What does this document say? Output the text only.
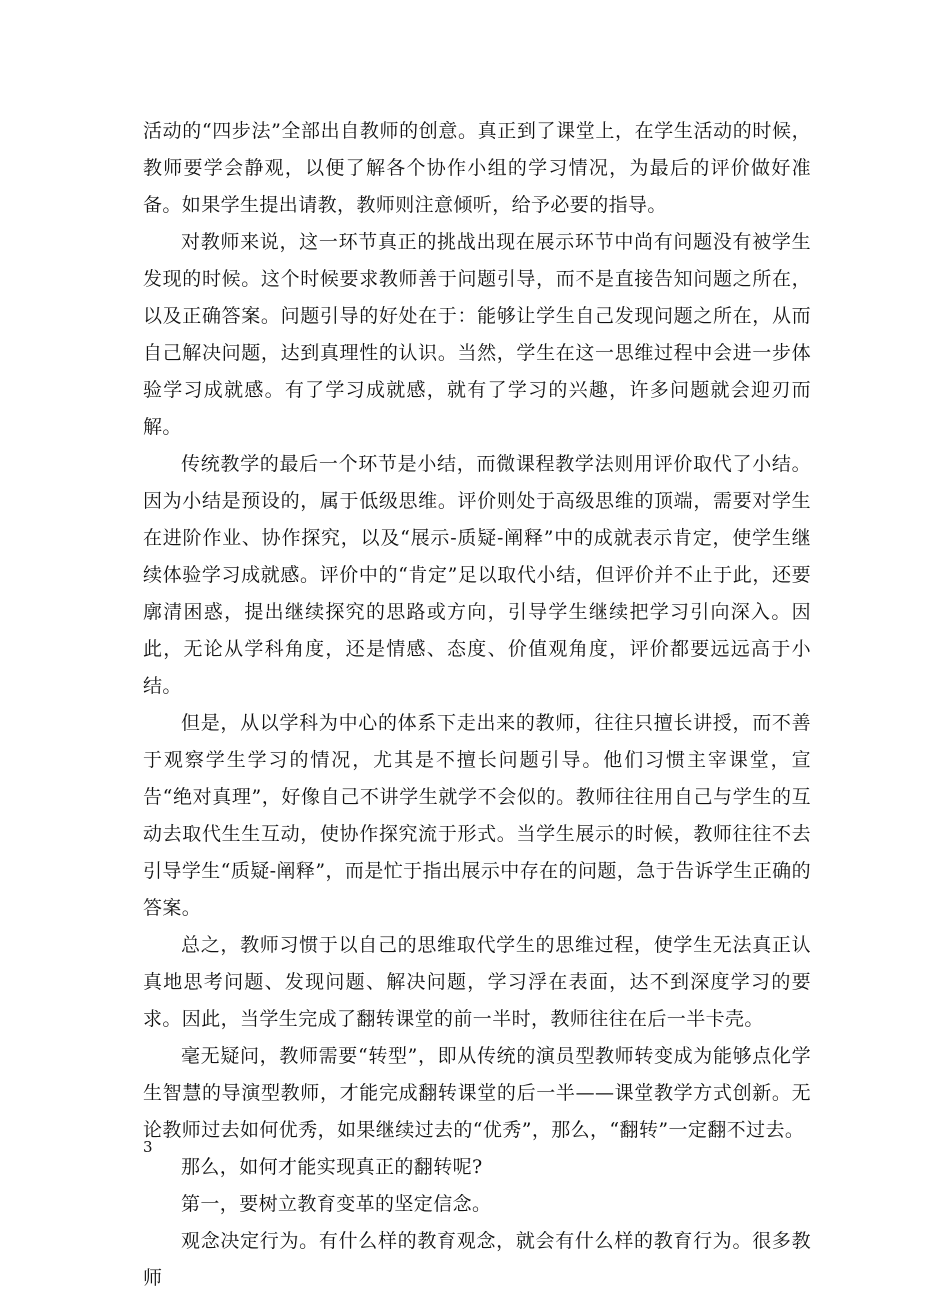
活动的“四步法”全部出自教师的创意。真正到了课堂上，在学生活动的时候，教师要学会静观，以便了解各个协作小组的学习情况，为最后的评价做好准备。如果学生提出请教，教师则注意倾听，给予必要的指导。

对教师来说，这一环节真正的挑战出现在展示环节中尚有问题没有被学生发现的时候。这个时候要求教师善于问题引导，而不是直接告知问题之所在，以及正确答案。问题引导的好处在于：能够让学生自己发现问题之所在，从而自己解决问题，达到真理性的认识。当然，学生在这一思维过程中会进一步体验学习成就感。有了学习成就感，就有了学习的兴趣，许多问题就会迎刃而解。

传统教学的最后一个环节是小结，而微课程教学法则用评价取代了小结。因为小结是预设的，属于低级思维。评价则处于高级思维的顶端，需要对学生在进阶作业、协作探究，以及“展示-质疑-阐释”中的成就表示肯定，使学生继续体验学习成就感。评价中的“肯定”足以取代小结，但评价并不止于此，还要廓清困惑，提出继续探究的思路或方向，引导学生继续把学习引向深入。因此，无论从学科角度，还是情感、态度、价值观角度，评价都要远远高于小结。

但是，从以学科为中心的体系下走出来的教师，往往只擅长讲授，而不善于观察学生学习的情况，尤其是不擅长问题引导。他们习惯主宰课堂，宣告“绝对真理”，好像自己不讲学生就学不会似的。教师往往用自己与学生的互动去取代生生互动，使协作探究流于形式。当学生展示的时候，教师往往不去引导学生“质疑-阐释”，而是忙于指出展示中存在的问题，急于告诉学生正确的答案。

总之，教师习惯于以自己的思维取代学生的思维过程，使学生无法真正认真地思考问题、发现问题、解决问题，学习浮在表面，达不到深度学习的要求。因此，当学生完成了翻转课堂的前一半时，教师往往在后一半卡壳。

毫无疑问，教师需要“转型”，即从传统的演员型教师转变成为能够点化学生智慧的导演型教师，才能完成翻转课堂的后一半——课堂教学方式创新。无论教师过去如何优秀，如果继续过去的“优秀”，那么，“翻转”一定翻不过去。

那么，如何才能实现真正的翻转呢?

第一，要树立教育变革的坚定信念。

观念决定行为。有什么样的教育观念，就会有什么样的教育行为。很多教师

3
